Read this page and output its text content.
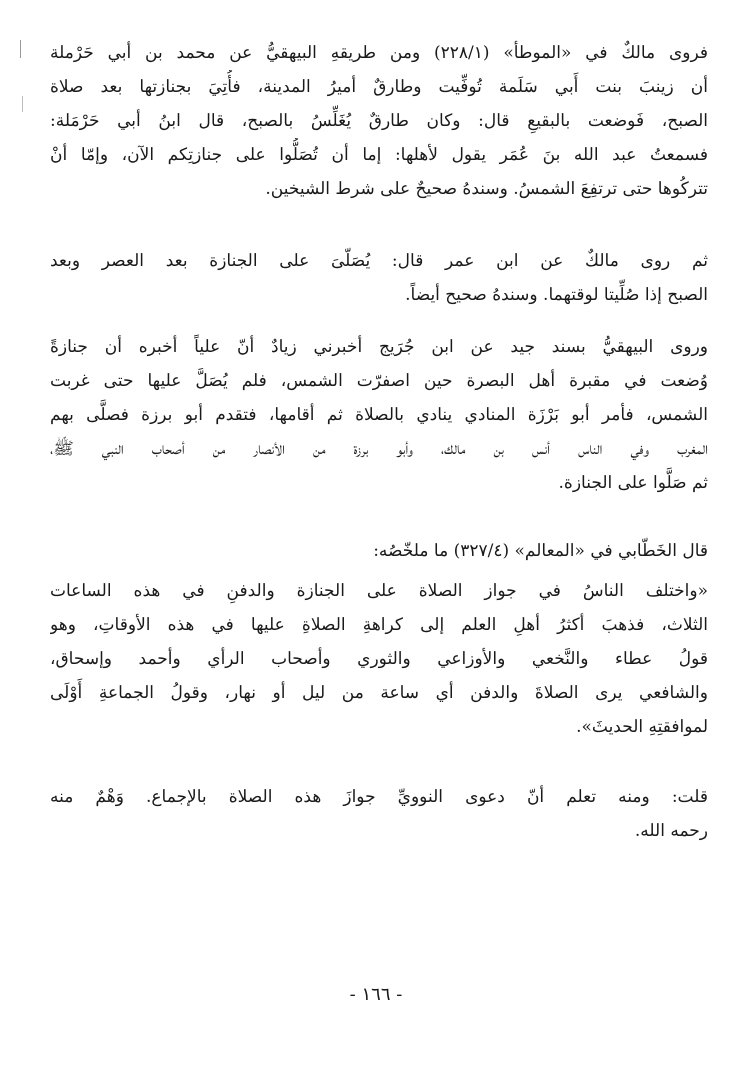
فروى مالكٌ في «الموطأ» (٢٢٨/١) ومن طريقهِ البيهقيُّ عن محمد بن أبي حَرْملة
أن زينبَ بنت أَبي سَلَمة تُوفِّيت وطارقٌ أميرُ المدينة، فأُتِيَ بجنازتها بعد صلاة
الصبح، فَوضعت بالبقيعِ قال: وكان طارقٌ يُغَلِّسُ بالصبح، قال ابنُ أبي حَرْمَلة:
فسمعتُ عبد الله بنَ عُمَر يقول لأهلها: إما أن تُصَلُّوا على جنازتِكم الآن، وإمّا أنْ
تتركُوها حتى ترتفِعَ الشمسُ. وسندهُ صحيحٌ على شرط الشيخين.

ثم روى مالكٌ عن ابن عمر قال: يُصَلّىَ على الجنازة بعد العصر وبعد
الصبح إذا صُلِّيتا لوقتهما. وسندهُ صحيح أيضاً.

وروى البيهقيُّ بسند جيد عن ابن جُرَيج أخبرني زيادٌ أنّ علياً أخبره أن جنازةً
وُضعت في مقبرة أهل البصرة حين اصفرّت الشمس، فلم يُصَلَّ عليها حتى غربت
الشمس، فأمر أبو بَرْزَة المنادي ينادي بالصلاة ثم أقامها، فتقدم أبو برزة فصلَّى بهم
المغرب وفي الناس أنس بن مالك، وأبو برزة من الأنصار من أصحاب النبي ﷺ،
ثم صَلَّوا على الجنازة.

قال الخَطّابي في «المعالم» (٣٢٧/٤) ما ملخّصُه:

«واختلف الناسُ في جواز الصلاة على الجنازة والدفنِ في هذه الساعات
الثلاث، فذهبَ أكثرُ أهلِ العلم إلى كراهةِ الصلاةِ عليها في هذه الأوقاتِ، وهو
قولُ عطاء والنَّخعي والأوزاعي والثوري وأصحاب الرأي وأحمد وإسحاق،
والشافعي يرى الصلاةَ والدفن أي ساعة من ليل أو نهار، وقولُ الجماعةِ أَوْلَى
لموافقتِهِ الحديثَ».

قلت: ومنه تعلم أنّ دعوى النوويِّ جوازَ هذه الصلاة بالإجماع. وَهْمٌ منه
رحمه الله.

- ١٦٦ -
